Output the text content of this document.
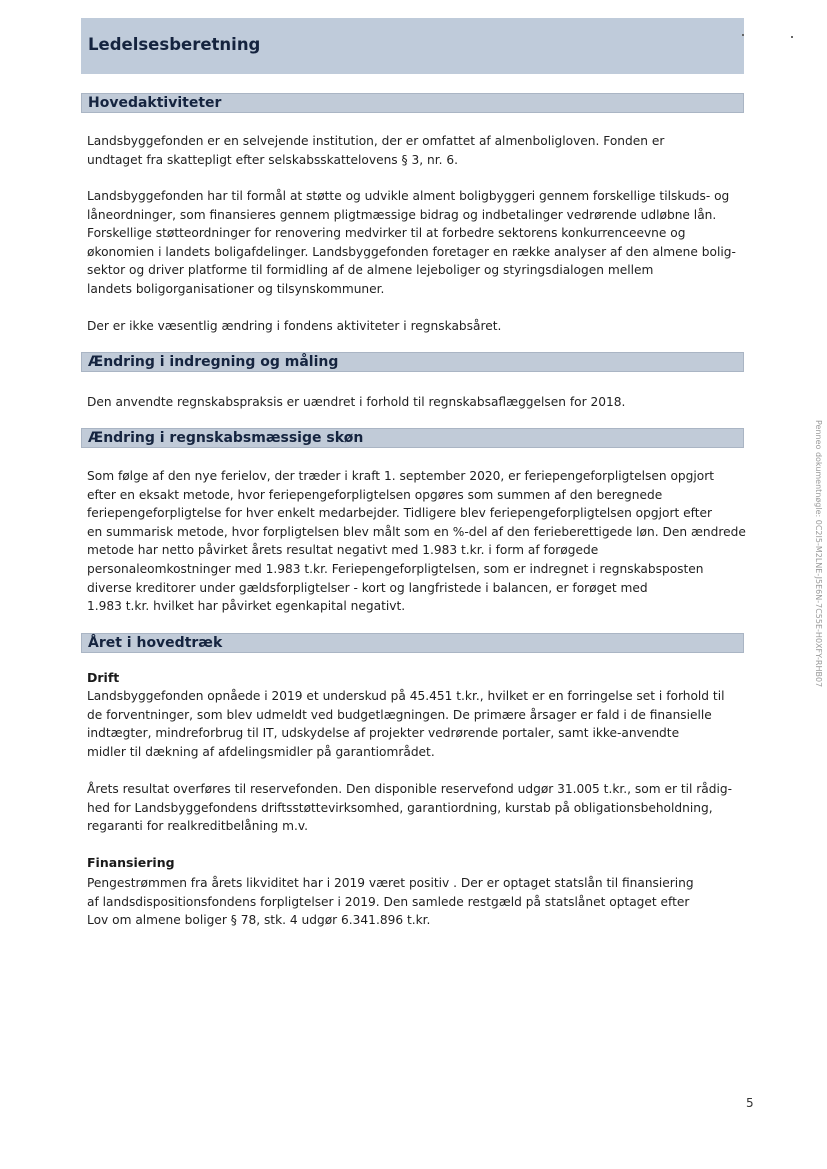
Ledelsesberetning
Hovedaktiviteter

Landsbyggefonden er en selvejende institution, der er omfattet af almenboligloven. Fonden er
undtaget fra skattepligt efter selskabsskattelovens § 3, nr. 6.

Landsbyggefonden har til formål at støtte og udvikle alment boligbyggeri gennem forskellige tilskuds- og
låneordninger, som finansieres gennem pligtmæssige bidrag og indbetalinger vedrørende udløbne lån.
Forskellige støtteordninger for renovering medvirker til at forbedre sektorens konkurrenceevne og
økonomien i landets boligafdelinger. Landsbyggefonden foretager en række analyser af den almene bolig-
sektor og driver platforme til formidling af de almene lejeboliger og styringsdialogen mellem
landets boligorganisationer og tilsynskommuner.

Der er ikke væsentlig ændring i fondens aktiviteter i regnskabsåret.

Ændring i indregning og måling

Den anvendte regnskabspraksis er uændret i forhold til regnskabsaflæggelsen for 2018.

Ændring i regnskabsmæssige skøn

Som følge af den nye ferielov, der træder i kraft 1. september 2020, er feriepengeforpligtelsen opgjort
efter en eksakt metode, hvor feriepengeforpligtelsen opgøres som summen af den beregnede
feriepengeforpligtelse for hver enkelt medarbejder. Tidligere blev feriepengeforpligtelsen opgjort efter
en summarisk metode, hvor forpligtelsen blev målt som en %-del af den ferieberettigede løn. Den ændrede
metode har netto påvirket årets resultat negativt med 1.983 t.kr. i form af forøgede
personaleomkostninger med 1.983 t.kr. Feriepengeforpligtelsen, som er indregnet i regnskabsposten
diverse kreditorer under gældsforpligtelser - kort og langfristede i balancen, er forøget med
1.983 t.kr. hvilket har påvirket egenkapital negativt.

Året i hovedtræk
Drift

Landsbyggefonden opnåede i 2019 et underskud på 45.451 t.kr., hvilket er en forringelse set i forhold til
de forventninger, som blev udmeldt ved budgetlægningen. De primære årsager er fald i de finansielle
indtægter, mindreforbrug til IT, udskydelse af projekter vedrørende portaler, samt ikke-anvendte
midler til dækning af afdelingsmidler på garantiområdet.

Årets resultat overføres til reservefonden. Den disponible reservefond udgør 31.005 t.kr., som er til rådig-
hed for Landsbyggefondens driftsstøttevirksomhed, garantiordning, kurstab på obligationsbeholdning,
regaranti for realkreditbelåning m.v.

Finansiering

Pengestrømmen fra årets likviditet har i 2019 været positiv . Der er optaget statslån til finansiering
af landsdispositionsfondens forpligtelser i 2019. Den samlede restgæld på statslånet optaget efter
Lov om almene boliger § 78, stk. 4 udgør 6.341.896 t.kr.

5
Penneo dokumentnøgle: 0C2I5-M2LNE-J5E6N-7C55E-H0XFY-RHB07
